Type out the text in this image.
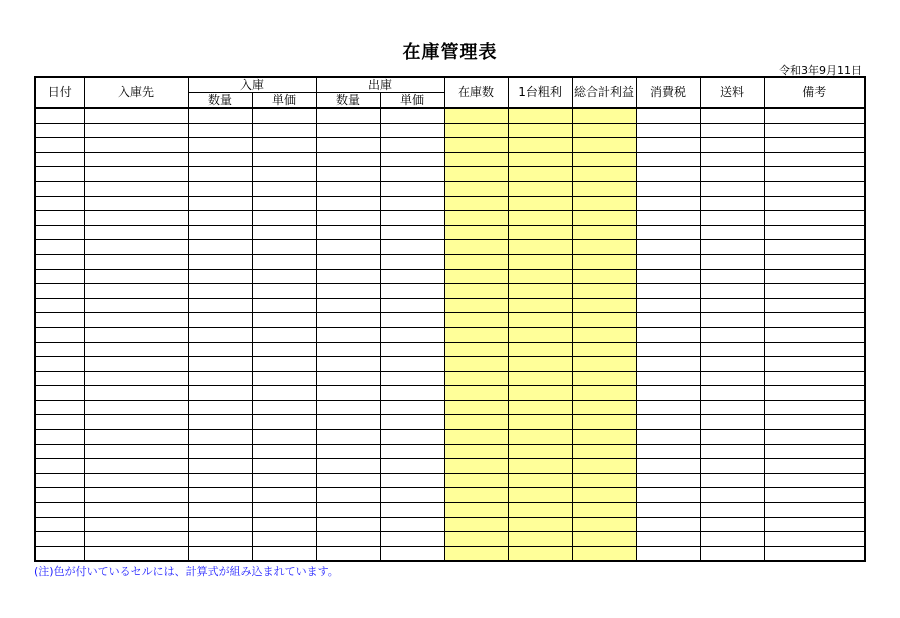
在庫管理表
令和3年9月11日
日付	入庫先	入庫		出庫		在庫数	1台粗利	総合計利益	消費税	送料	備考
		数量	単価	数量	単価						

(注)色が付いているセルには、計算式が組み込まれています。
